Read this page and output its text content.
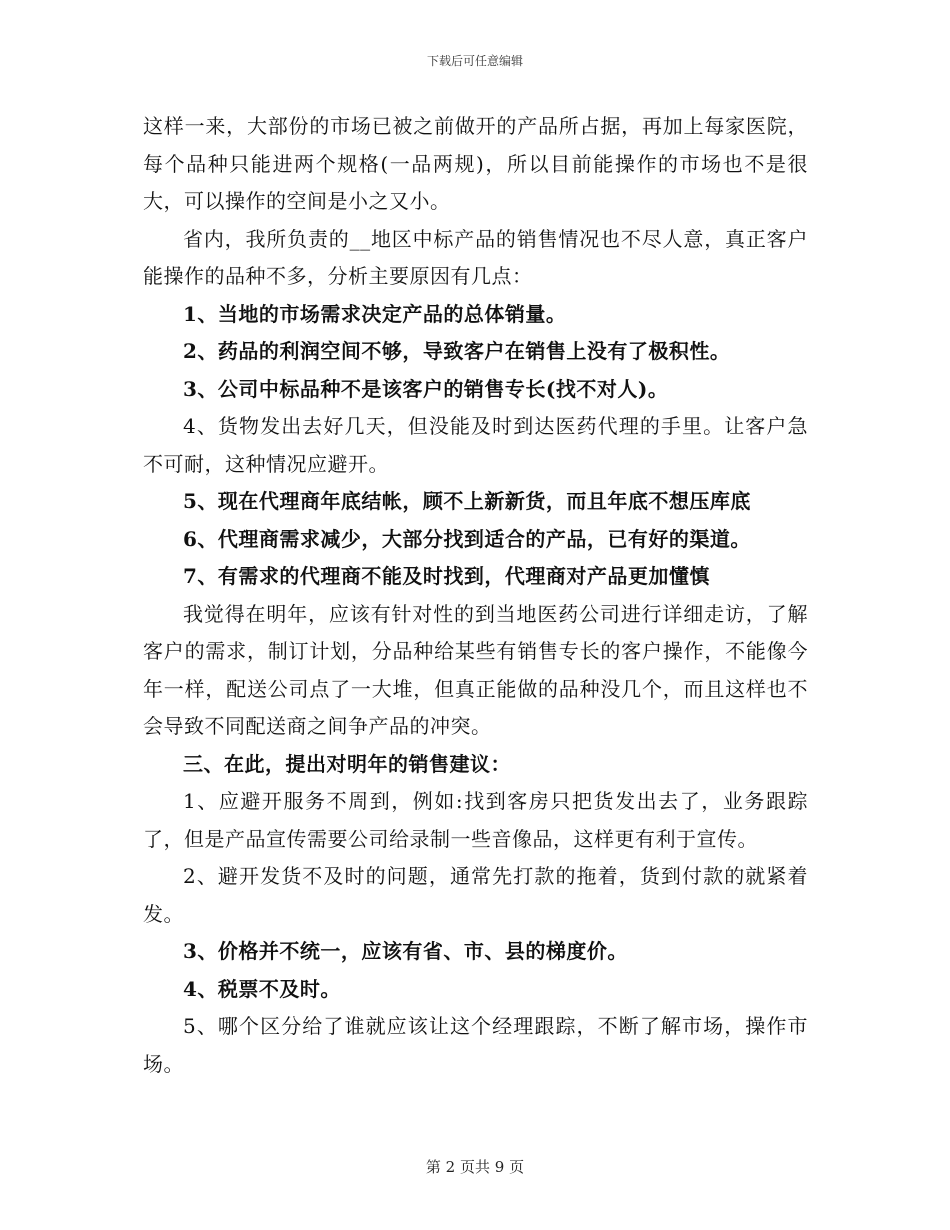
下载后可任意编辑

这样一来，大部份的市场已被之前做开的产品所占据，再加上每家医院，每个品种只能进两个规格(一品两规)，所以目前能操作的市场也不是很大，可以操作的空间是小之又小。

省内，我所负责的__地区中标产品的销售情况也不尽人意，真正客户能操作的品种不多，分析主要原因有几点：

1、当地的市场需求决定产品的总体销量。

2、药品的利润空间不够，导致客户在销售上没有了极积性。

3、公司中标品种不是该客户的销售专长(找不对人)。

4、货物发出去好几天，但没能及时到达医药代理的手里。让客户急不可耐，这种情况应避开。

5、现在代理商年底结帐，顾不上新新货，而且年底不想压库底

6、代理商需求减少，大部分找到适合的产品，已有好的渠道。

7、有需求的代理商不能及时找到，代理商对产品更加懂慎

我觉得在明年，应该有针对性的到当地医药公司进行详细走访，了解客户的需求，制订计划，分品种给某些有销售专长的客户操作，不能像今年一样，配送公司点了一大堆，但真正能做的品种没几个，而且这样也不会导致不同配送商之间争产品的冲突。

三、在此，提出对明年的销售建议：

1、应避开服务不周到，例如:找到客房只把货发出去了，业务跟踪了，但是产品宣传需要公司给录制一些音像品，这样更有利于宣传。

2、避开发货不及时的问题，通常先打款的拖着，货到付款的就紧着发。

3、价格并不统一，应该有省、市、县的梯度价。

4、税票不及时。

5、哪个区分给了谁就应该让这个经理跟踪，不断了解市场，操作市场。

第 2 页共 9 页
